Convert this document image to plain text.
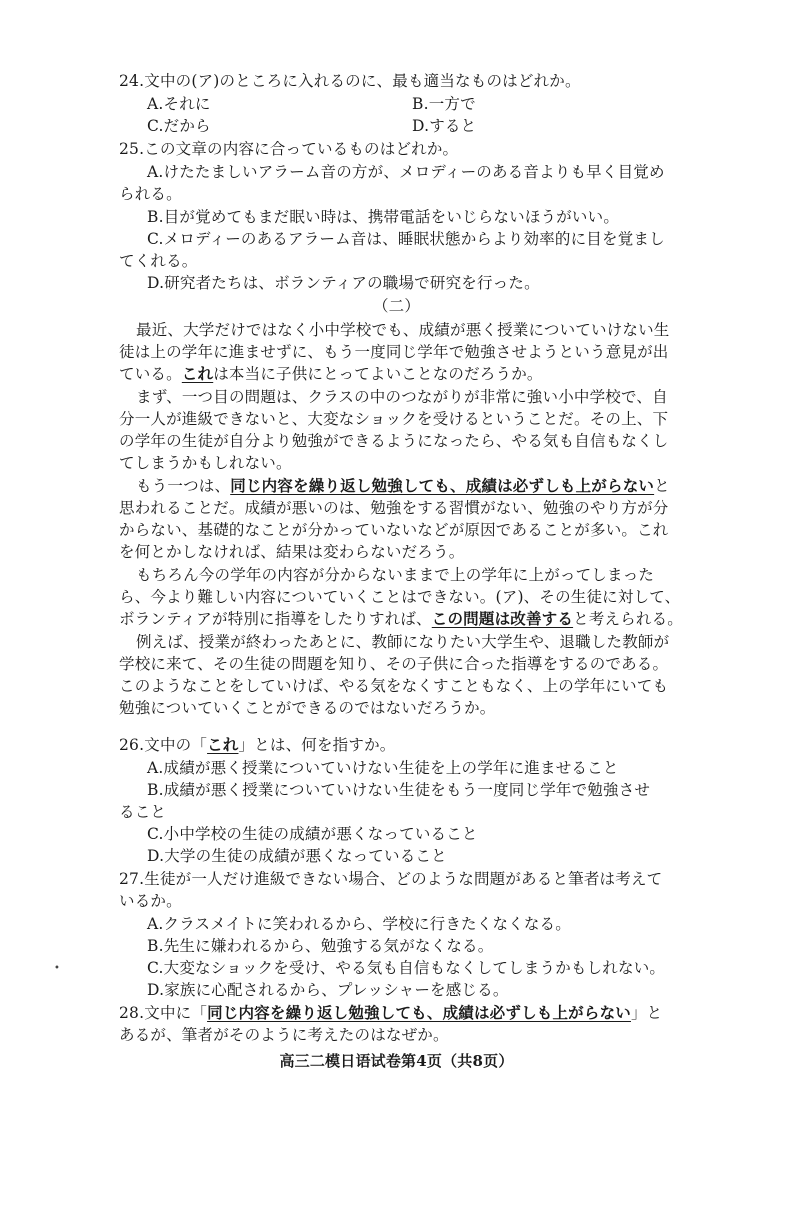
24.文中の(ア)のところに入れるのに、最も適当なものはどれか。
A.それに	B.一方で
C.だから	D.すると
25.この文章の内容に合っているものはどれか。
A.けたたましいアラーム音の方が、メロディーのある音よりも早く目覚め
られる。
B.目が覚めてもまだ眠い時は、携帯電話をいじらないほうがいい。
C.メロディーのあるアラーム音は、睡眠状態からより効率的に目を覚まし
てくれる。
D.研究者たちは、ボランティアの職場で研究を行った。
（二）
最近、大学だけではなく小中学校でも、成績が悪く授業についていけない生
徒は上の学年に進ませずに、もう一度同じ学年で勉強させようという意見が出
ている。これは本当に子供にとってよいことなのだろうか。
まず、一つ目の問題は、クラスの中のつながりが非常に強い小中学校で、自
分一人が進級できないと、大変なショックを受けるということだ。その上、下
の学年の生徒が自分より勉強ができるようになったら、やる気も自信もなくし
てしまうかもしれない。
もう一つは、同じ内容を繰り返し勉強しても、成績は必ずしも上がらないと
思われることだ。成績が悪いのは、勉強をする習慣がない、勉強のやり方が分
からない、基礎的なことが分かっていないなどが原因であることが多い。これ
を何とかしなければ、結果は変わらないだろう。
もちろん今の学年の内容が分からないままで上の学年に上がってしまった
ら、今より難しい内容についていくことはできない。(ア)、その生徒に対して、
ボランティアが特別に指導をしたりすれば、この問題は改善すると考えられる。
例えば、授業が終わったあとに、教師になりたい大学生や、退職した教師が
学校に来て、その生徒の問題を知り、その子供に合った指導をするのである。
このようなことをしていけば、やる気をなくすこともなく、上の学年にいても
勉強についていくことができるのではないだろうか。
26.文中の「これ」とは、何を指すか。
A.成績が悪く授業についていけない生徒を上の学年に進ませること
B.成績が悪く授業についていけない生徒をもう一度同じ学年で勉強させ
ること
C.小中学校の生徒の成績が悪くなっていること
D.大学の生徒の成績が悪くなっていること
27.生徒が一人だけ進級できない場合、どのような問題があると筆者は考えて
いるか。
A.クラスメイトに笑われるから、学校に行きたくなくなる。
B.先生に嫌われるから、勉強する気がなくなる。
C.大変なショックを受け、やる気も自信もなくしてしまうかもしれない。
D.家族に心配されるから、プレッシャーを感じる。
•
28.文中に「同じ内容を繰り返し勉強しても、成績は必ずしも上がらない」と
あるが、筆者がそのように考えたのはなぜか。
高三二模日语试卷第4页（共8页）
